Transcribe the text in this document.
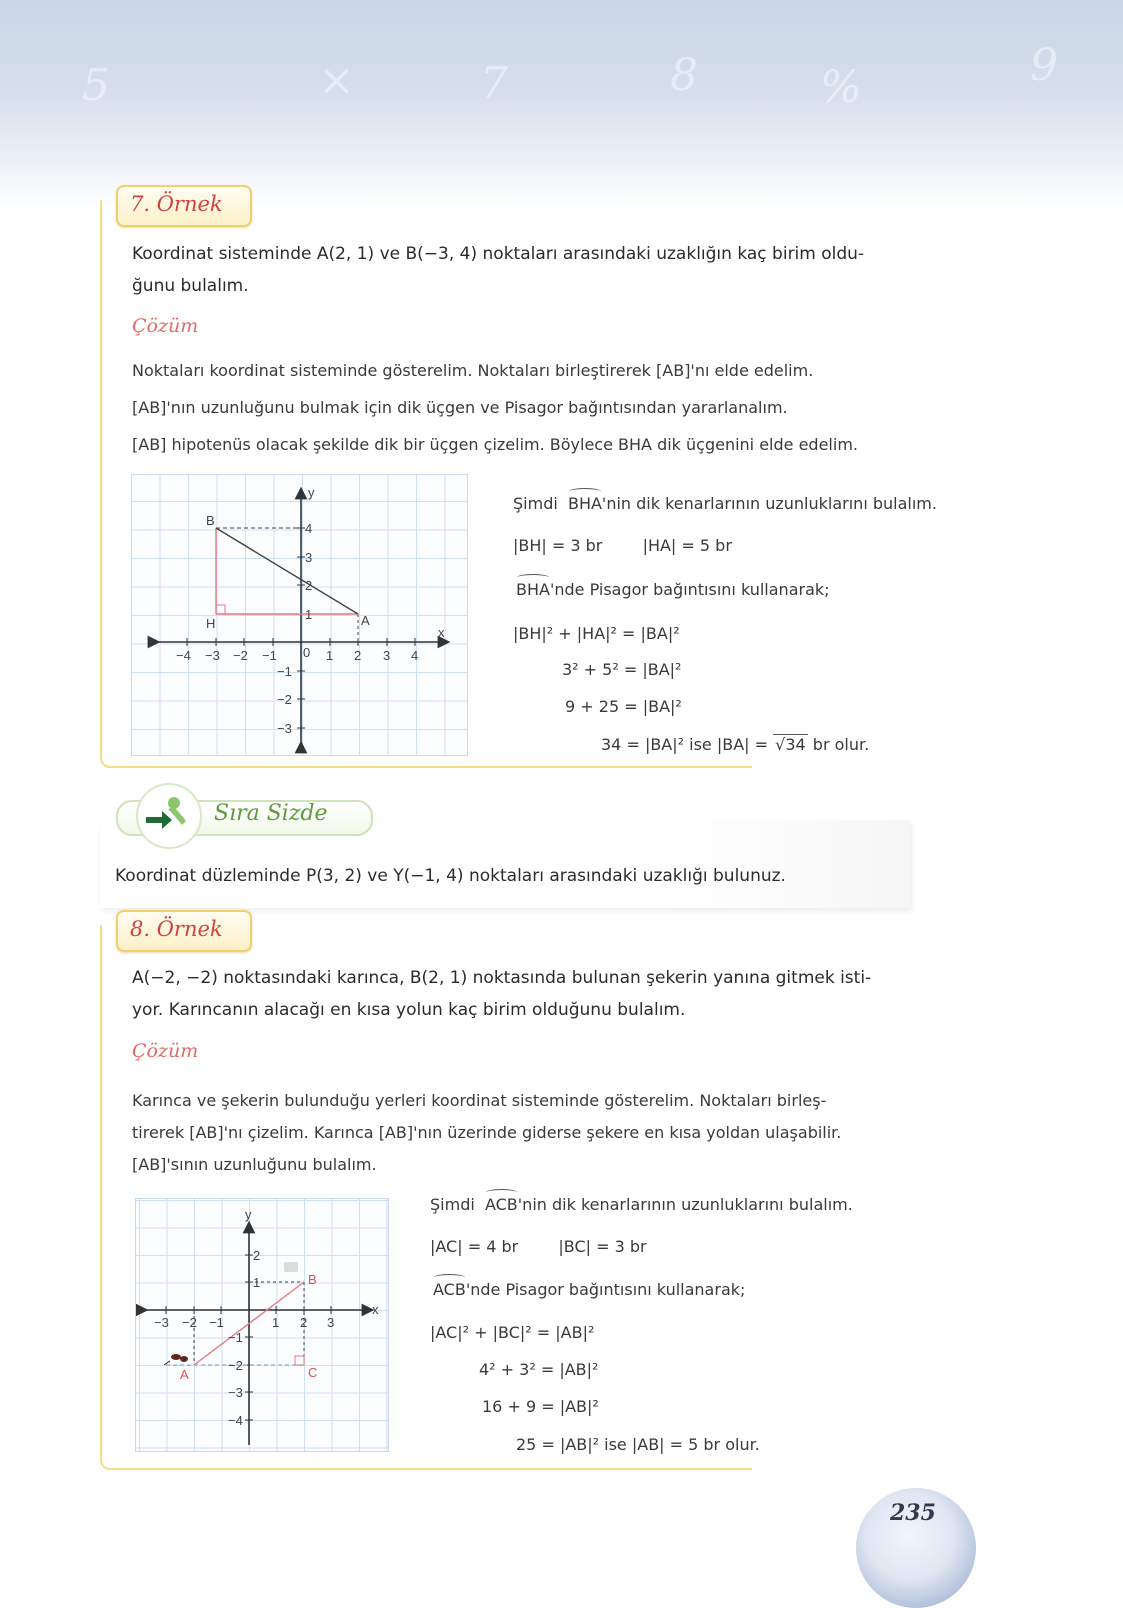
5	×	7	8	%	9
7. Örnek
Koordinat sisteminde A(2, 1) ve B(−3, 4) noktaları arasındaki uzaklığın kaç birim oldu-
ğunu bulalım.
Çözüm
Noktaları koordinat sisteminde gösterelim. Noktaları birleştirerek [AB]'nı elde edelim.
[AB]'nın uzunluğunu bulmak için dik üçgen ve Pisagor bağıntısından yararlanalım.
[AB] hipotenüs olacak şekilde dik bir üçgen çizelim. Böylece BHA dik üçgenini elde edelim.
−4 −3 −2 −1 0 1 2 3 4
4
3
2
1
−1
−2
−3
x
y
B
H	A
Şimdi BHA'nin dik kenarlarının uzunluklarını bulalım.
|BH| = 3 br	|HA| = 5 br
BHA'nde Pisagor bağıntısını kullanarak;
|BH|² + |HA|² = |BA|²
3² + 5² = |BA|²
9 + 25 = |BA|²
34 = |BA|² ise |BA| = √34 br olur.
Sıra Sizde
Koordinat düzleminde P(3, 2) ve Y(−1, 4) noktaları arasındaki uzaklığı bulunuz.
8. Örnek
A(−2, −2) noktasındaki karınca, B(2, 1) noktasında bulunan şekerin yanına gitmek isti-
yor. Karıncanın alacağı en kısa yolun kaç birim olduğunu bulalım.
Çözüm
Karınca ve şekerin bulunduğu yerleri koordinat sisteminde gösterelim. Noktaları birleş-
tirerek [AB]'nı çizelim. Karınca [AB]'nın üzerinde giderse şekere en kısa yoldan ulaşabilir.
[AB]'sının uzunluğunu bulalım.
−3 −2 −1	1 2 3
2
1
−1
−2
−3
−4
x
y
A
B
C
Şimdi ACB'nin dik kenarlarının uzunluklarını bulalım.
|AC| = 4 br	|BC| = 3 br
ACB'nde Pisagor bağıntısını kullanarak;
|AC|² + |BC|² = |AB|²
4² + 3² = |AB|²
16 + 9 = |AB|²
25 = |AB|² ise |AB| = 5 br olur.
235
